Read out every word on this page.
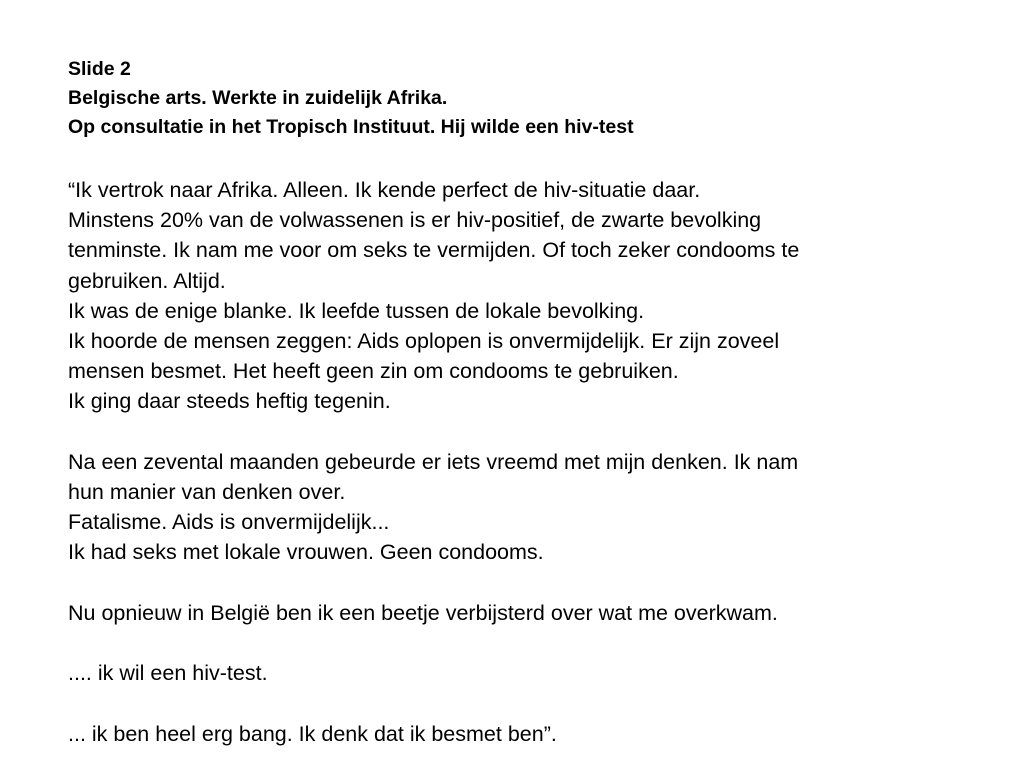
Slide 2
Belgische arts. Werkte in zuidelijk Afrika.
Op consultatie in het Tropisch Instituut. Hij wilde een hiv-test
“Ik vertrok naar Afrika. Alleen. Ik kende perfect de hiv-situatie daar.
Minstens 20% van de volwassenen is er hiv-positief, de zwarte bevolking
tenminste. Ik nam me voor om seks te vermijden. Of toch zeker condooms te
gebruiken. Altijd.
Ik was de enige blanke. Ik leefde tussen de lokale bevolking.
Ik hoorde de mensen zeggen: Aids oplopen is onvermijdelijk. Er zijn zoveel
mensen besmet. Het heeft geen zin om condooms te gebruiken.
Ik ging daar steeds heftig tegenin.
Na een zevental maanden gebeurde er iets vreemd met mijn denken. Ik nam
hun manier van denken over.
Fatalisme. Aids is onvermijdelijk...
Ik had seks met lokale vrouwen. Geen condooms.
Nu opnieuw in België ben ik een beetje verbijsterd over wat me overkwam.
.... ik wil een hiv-test.
... ik ben heel erg bang. Ik denk dat ik besmet ben”.
